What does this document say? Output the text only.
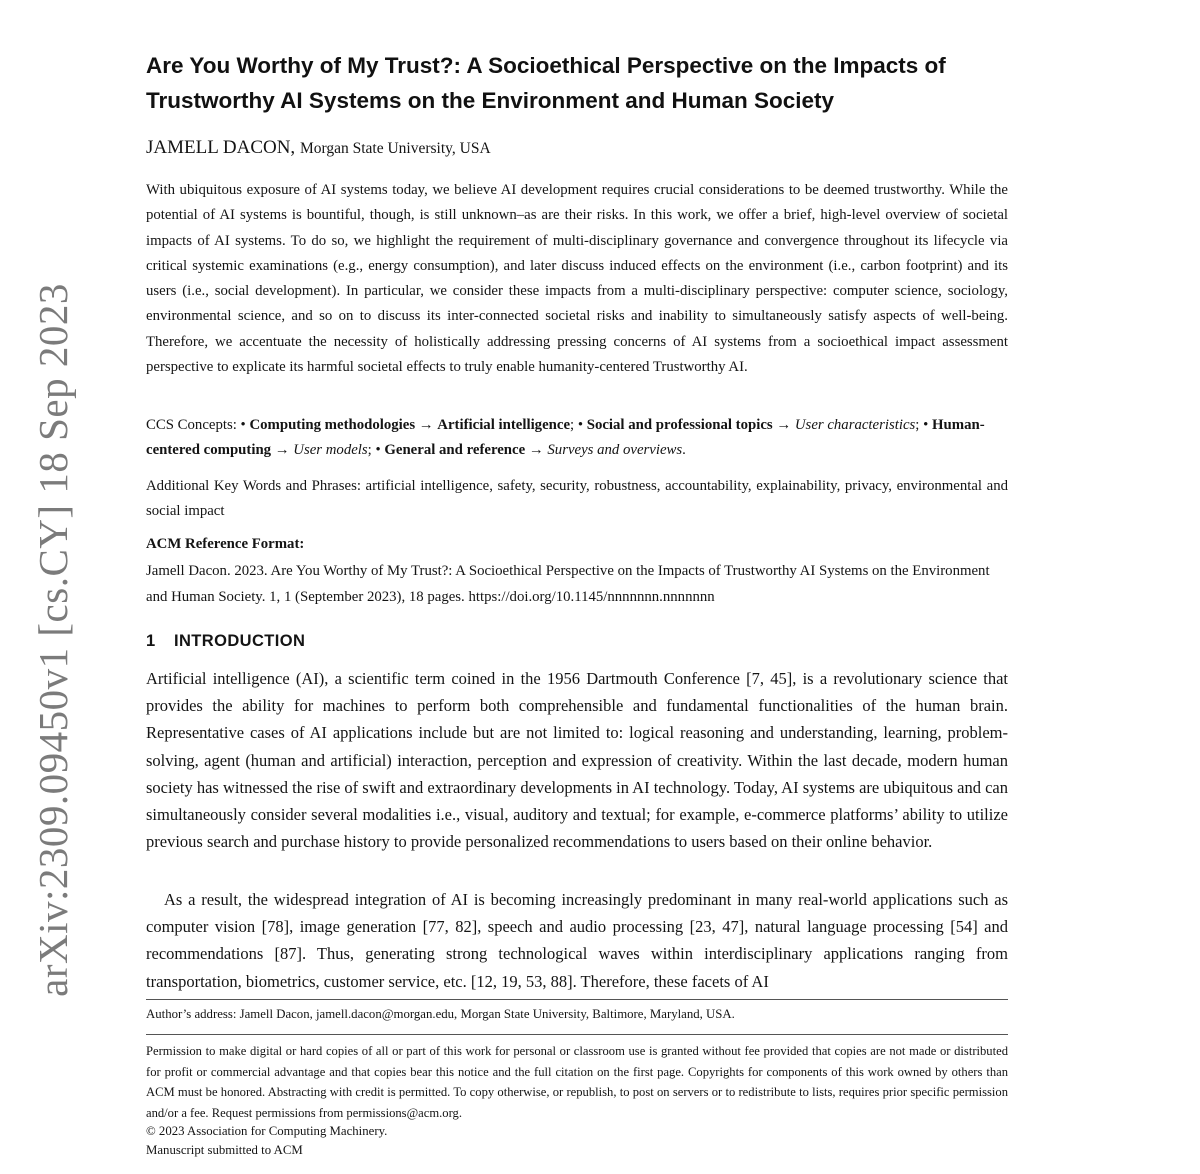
arXiv:2309.09450v1 [cs.CY] 18 Sep 2023
Are You Worthy of My Trust?: A Socioethical Perspective on the Impacts of
Trustworthy AI Systems on the Environment and Human Society
JAMELL DACON, Morgan State University, USA

With ubiquitous exposure of AI systems today, we believe AI development requires crucial considerations to be deemed trustworthy. While the potential of AI systems is bountiful, though, is still unknown–as are their risks. In this work, we offer a brief, high-level overview of societal impacts of AI systems. To do so, we highlight the requirement of multi-disciplinary governance and convergence throughout its lifecycle via critical systemic examinations (e.g., energy consumption), and later discuss induced effects on the environment (i.e., carbon footprint) and its users (i.e., social development). In particular, we consider these impacts from a multi-disciplinary perspective: computer science, sociology, environmental science, and so on to discuss its inter-connected societal risks and inability to simultaneously satisfy aspects of well-being. Therefore, we accentuate the necessity of holistically addressing pressing concerns of AI systems from a socioethical impact assessment perspective to explicate its harmful societal effects to truly enable humanity-centered Trustworthy AI.

CCS Concepts: • Computing methodologies → Artificial intelligence; • Social and professional topics → User characteristics; • Human-centered computing → User models; • General and reference → Surveys and overviews.

Additional Key Words and Phrases: artificial intelligence, safety, security, robustness, accountability, explainability, privacy, environmental and social impact

ACM Reference Format:

Jamell Dacon. 2023. Are You Worthy of My Trust?: A Socioethical Perspective on the Impacts of Trustworthy AI Systems on the Environment and Human Society. 1, 1 (September 2023), 18 pages. https://doi.org/10.1145/nnnnnnn.nnnnnnn

1 INTRODUCTION

Artificial intelligence (AI), a scientific term coined in the 1956 Dartmouth Conference [7, 45], is a revolutionary science that provides the ability for machines to perform both comprehensible and fundamental functionalities of the human brain. Representative cases of AI applications include but are not limited to: logical reasoning and understanding, learning, problem-solving, agent (human and artificial) interaction, perception and expression of creativity. Within the last decade, modern human society has witnessed the rise of swift and extraordinary developments in AI technology. Today, AI systems are ubiquitous and can simultaneously consider several modalities i.e., visual, auditory and textual; for example, e-commerce platforms’ ability to utilize previous search and purchase history to provide personalized recommendations to users based on their online behavior.

As a result, the widespread integration of AI is becoming increasingly predominant in many real-world applications such as computer vision [78], image generation [77, 82], speech and audio processing [23, 47], natural language processing [54] and recommendations [87]. Thus, generating strong technological waves within interdisciplinary applications ranging from transportation, biometrics, customer service, etc. [12, 19, 53, 88]. Therefore, these facets of AI

Author’s address: Jamell Dacon, jamell.dacon@morgan.edu, Morgan State University, Baltimore, Maryland, USA.

Permission to make digital or hard copies of all or part of this work for personal or classroom use is granted without fee provided that copies are not made or distributed for profit or commercial advantage and that copies bear this notice and the full citation on the first page. Copyrights for components of this work owned by others than ACM must be honored. Abstracting with credit is permitted. To copy otherwise, or republish, to post on servers or to redistribute to lists, requires prior specific permission and/or a fee. Request permissions from permissions@acm.org.

© 2023 Association for Computing Machinery.
Manuscript submitted to ACM
